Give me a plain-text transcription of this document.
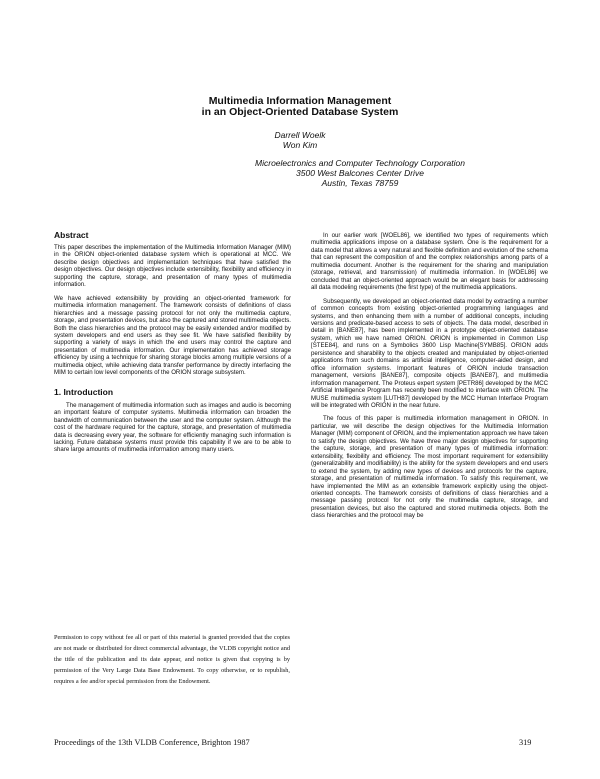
Multimedia Information Management
in an Object-Oriented Database System
Darrell Woelk
Won Kim
Microelectronics and Computer Technology Corporation
3500 West Balcones Center Drive
Austin, Texas 78759
Abstract

This paper describes the implementation of the Multimedia Information Manager (MIM) in the ORION object-oriented database system which is operational at MCC. We describe design objectives and implementation techniques that have satisfied the design objectives. Our design objectives include extensibility, flexibility and efficiency in supporting the capture, storage, and presentation of many types of multimedia information.

We have achieved extensibility by providing an object-oriented framework for multimedia information management. The framework consists of definitions of class hierarchies and a message passing protocol for not only the multimedia capture, storage, and presentation devices, but also the captured and stored multimedia objects. Both the class hierarchies and the protocol may be easily extended and/or modified by system developers and end users as they see fit. We have satisfied flexibility by supporting a variety of ways in which the end users may control the capture and presentation of multimedia information. Our implementation has achieved storage efficiency by using a technique for sharing storage blocks among multiple versions of a multimedia object, while achieving data transfer performance by directly interfacing the MIM to certain low level components of the ORION storage subsystem.

1. Introduction

The management of multimedia information such as images and audio is becoming an important feature of computer systems. Multimedia information can broaden the bandwidth of communication between the user and the computer system. Although the cost of the hardware required for the capture, storage, and presentation of multimedia data is decreasing every year, the software for efficiently managing such information is lacking. Future database systems must provide this capability if we are to be able to share large amounts of multimedia information among many users.

In our earlier work [WOEL86], we identified two types of requirements which multimedia applications impose on a database system. One is the requirement for a data model that allows a very natural and flexible definition and evolution of the schema that can represent the composition of and the complex relationships among parts of a multimedia document. Another is the requirement for the sharing and manipulation (storage, retrieval, and transmission) of multimedia information. In [WOEL86] we concluded that an object-oriented approach would be an elegant basis for addressing all data modeling requirements (the first type) of the multimedia applications.

Subsequently, we developed an object-oriented data model by extracting a number of common concepts from existing object-oriented programming languages and systems, and then enhancing them with a number of additional concepts, including versions and predicate-based access to sets of objects. The data model, described in detail in [BANE87], has been implemented in a prototype object-oriented database system, which we have named ORION. ORION is implemented in Common Lisp [STEE84], and runs on a Symbolics 3600 Lisp Machine[SYMB85]. ORION adds persistence and sharability to the objects created and manipulated by object-oriented applications from such domains as artificial intelligence, computer-aided design, and office information systems. Important features of ORION include transaction management, versions [BANE87], composite objects [BANE87], and multimedia information management. The Proteus expert system [PETR86] developed by the MCC Artificial Intelligence Program has recently been modified to interface with ORION. The MUSE multimedia system [LUTH87] developed by the MCC Human Interface Program will be integrated with ORION in the near future.

The focus of this paper is multimedia information management in ORION. In particular, we will describe the design objectives for the Multimedia Information Manager (MIM) component of ORION, and the implementation approach we have taken to satisfy the design objectives. We have three major design objectives for supporting the capture, storage, and presentation of many types of multimedia information: extensibility, flexibility and efficiency. The most important requirement for extensibility (generalizability and modifiability) is the ability for the system developers and end users to extend the system, by adding new types of devices and protocols for the capture, storage, and presentation of multimedia information. To satisfy this requirement, we have implemented the MIM as an extensible framework explicitly using the object-oriented concepts. The framework consists of definitions of class hierarchies and a message passing protocol for not only the multimedia capture, storage, and presentation devices, but also the captured and stored multimedia objects. Both the class hierarchies and the protocol may be

Permission to copy without fee all or part of this material is granted provided that the copies are not made or distributed for direct commercial advantage, the VLDB copyright notice and the title of the publication and its date appear, and notice is given that copying is by permission of the Very Large Data Base Endowment. To copy otherwise, or to republish, requires a fee and/or special permission from the Endowment.
Proceedings of the 13th VLDB Conference, Brighton 1987	319
